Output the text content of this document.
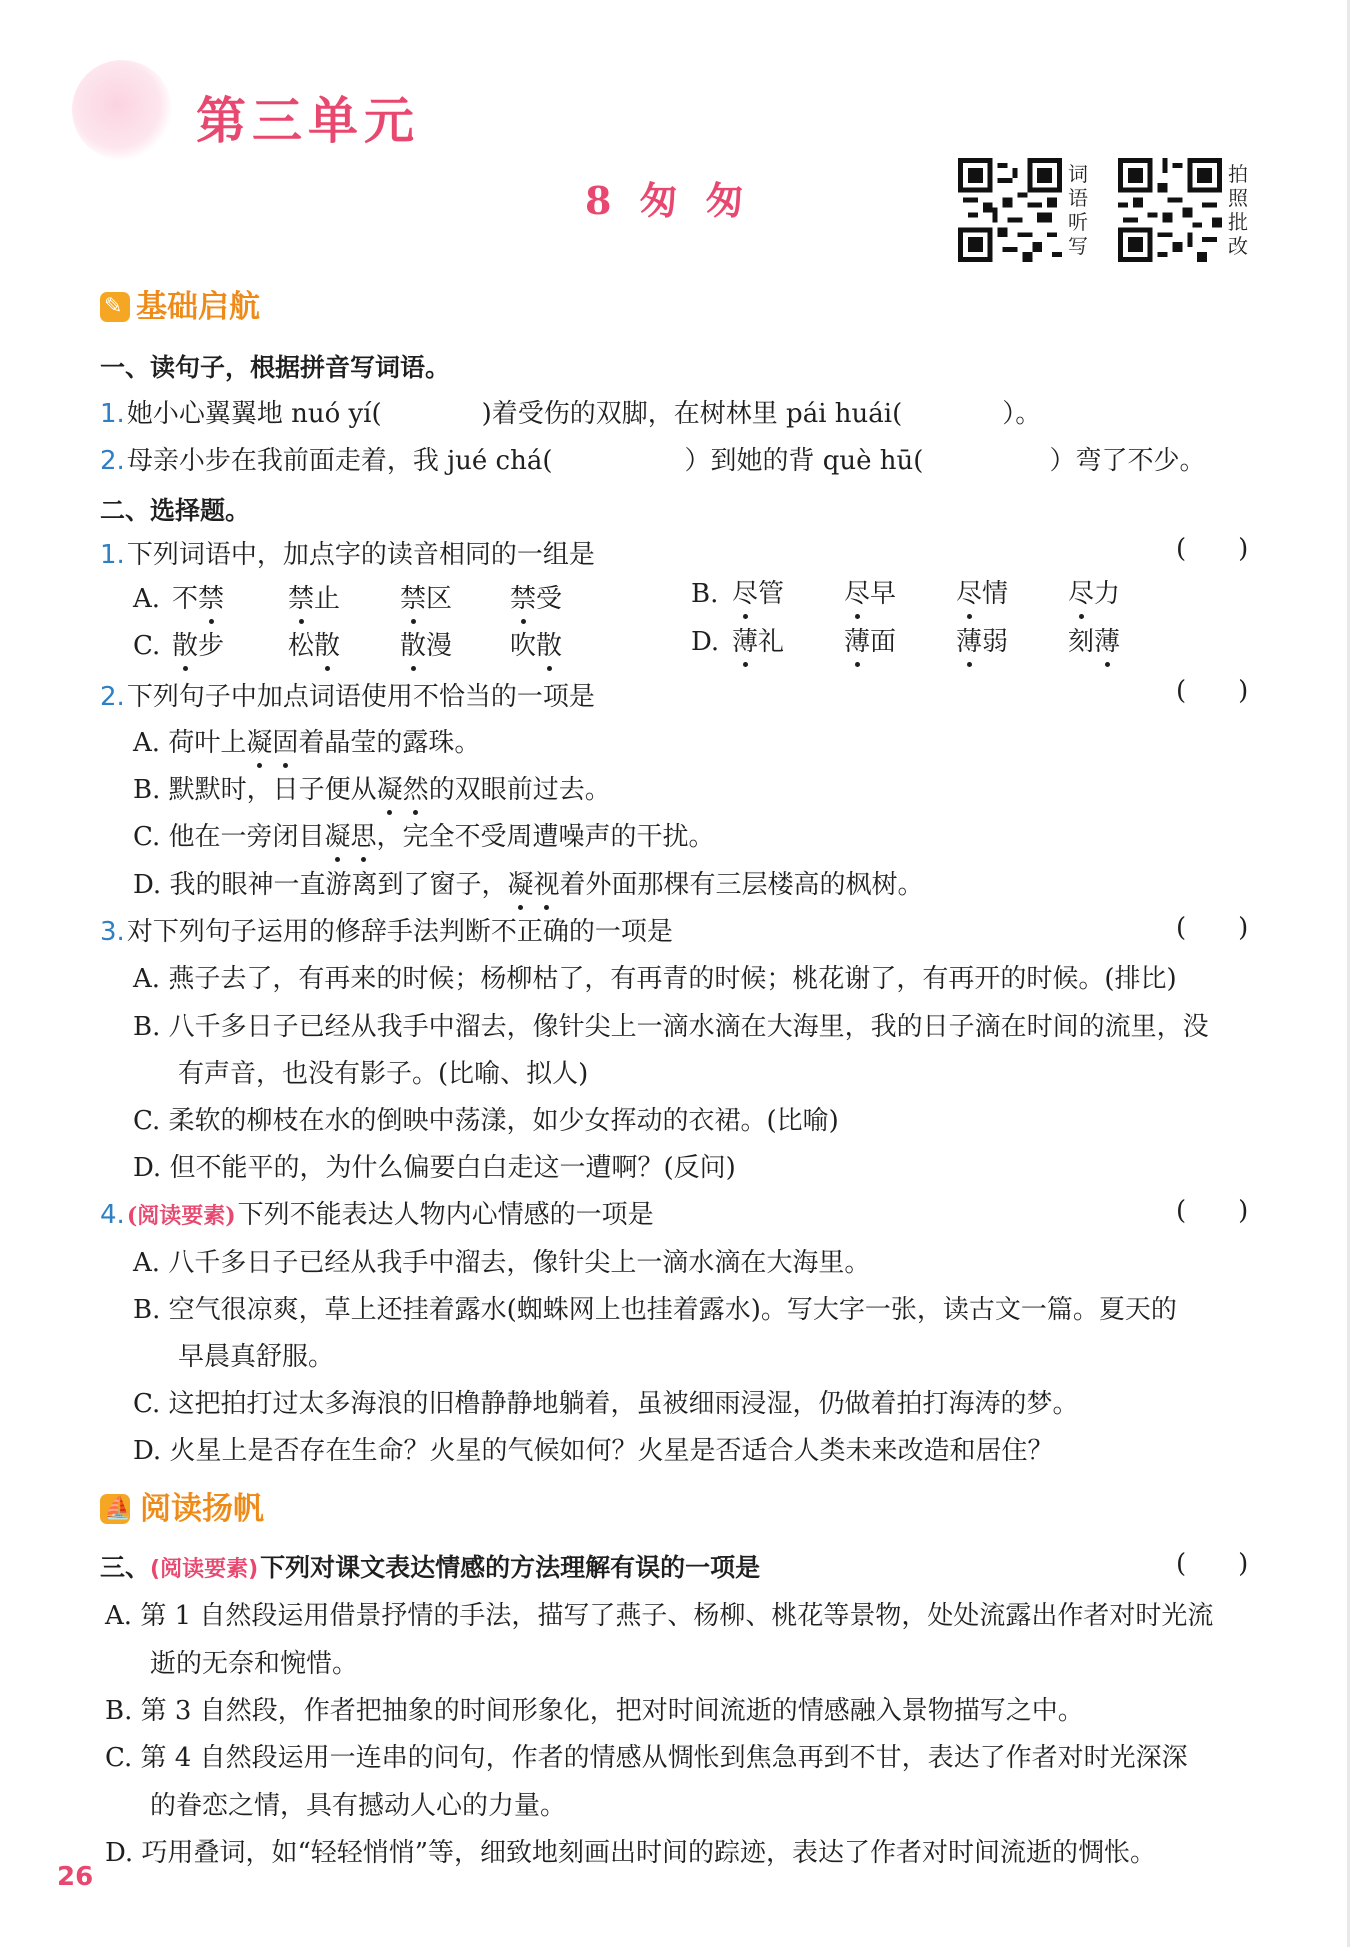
第三单元
8 匆 匆
词
语
听
写
拍
照
批
改
✎ 基础启航
一、读句子，根据拼音写词语。
1.她小心翼翼地 nuó yí(	)着受伤的双脚，在树林里 pái huái(	）。
2.母亲小步在我前面走着，我 jué chá(	）到她的背 què hū(	）弯了不少。
二、选择题。
1.下列词语中，加点字的读音相同的一组是	(　　)
A. 不禁 禁止 禁区 禁受	B. 尽管 尽早 尽情 尽力
C. 散步 松散 散漫 吹散	D. 薄礼 薄面 薄弱 刻薄
2.下列句子中加点词语使用不恰当的一项是	(　　)
A. 荷叶上凝固着晶莹的露珠。
B. 默默时，日子便从凝然的双眼前过去。
C. 他在一旁闭目凝思，完全不受周遭噪声的干扰。
D. 我的眼神一直游离到了窗子，凝视着外面那棵有三层楼高的枫树。
3.对下列句子运用的修辞手法判断不正确的一项是	(　　)
A. 燕子去了，有再来的时候；杨柳枯了，有再青的时候；桃花谢了，有再开的时候。(排比)
B. 八千多日子已经从我手中溜去，像针尖上一滴水滴在大海里，我的日子滴在时间的流里，没
有声音，也没有影子。(比喻、拟人)
C. 柔软的柳枝在水的倒映中荡漾，如少女挥动的衣裙。(比喻)
D. 但不能平的，为什么偏要白白走这一遭啊？(反问)
4.(阅读要素)下列不能表达人物内心情感的一项是	(　　)
A. 八千多日子已经从我手中溜去，像针尖上一滴水滴在大海里。
B. 空气很凉爽，草上还挂着露水(蜘蛛网上也挂着露水)。写大字一张，读古文一篇。夏天的
早晨真舒服。
C. 这把拍打过太多海浪的旧橹静静地躺着，虽被细雨浸湿，仍做着拍打海涛的梦。
D. 火星上是否存在生命？火星的气候如何？火星是否适合人类未来改造和居住？
⛵ 阅读扬帆
三、(阅读要素)下列对课文表达情感的方法理解有误的一项是	(　　)
A. 第 1 自然段运用借景抒情的手法，描写了燕子、杨柳、桃花等景物，处处流露出作者对时光流
逝的无奈和惋惜。
B. 第 3 自然段，作者把抽象的时间形象化，把对时间流逝的情感融入景物描写之中。
C. 第 4 自然段运用一连串的问句，作者的情感从惆怅到焦急再到不甘，表达了作者对时光深深
的眷恋之情，具有撼动人心的力量。
D. 巧用叠词，如“轻轻悄悄”等，细致地刻画出时间的踪迹，表达了作者对时间流逝的惆怅。
26
